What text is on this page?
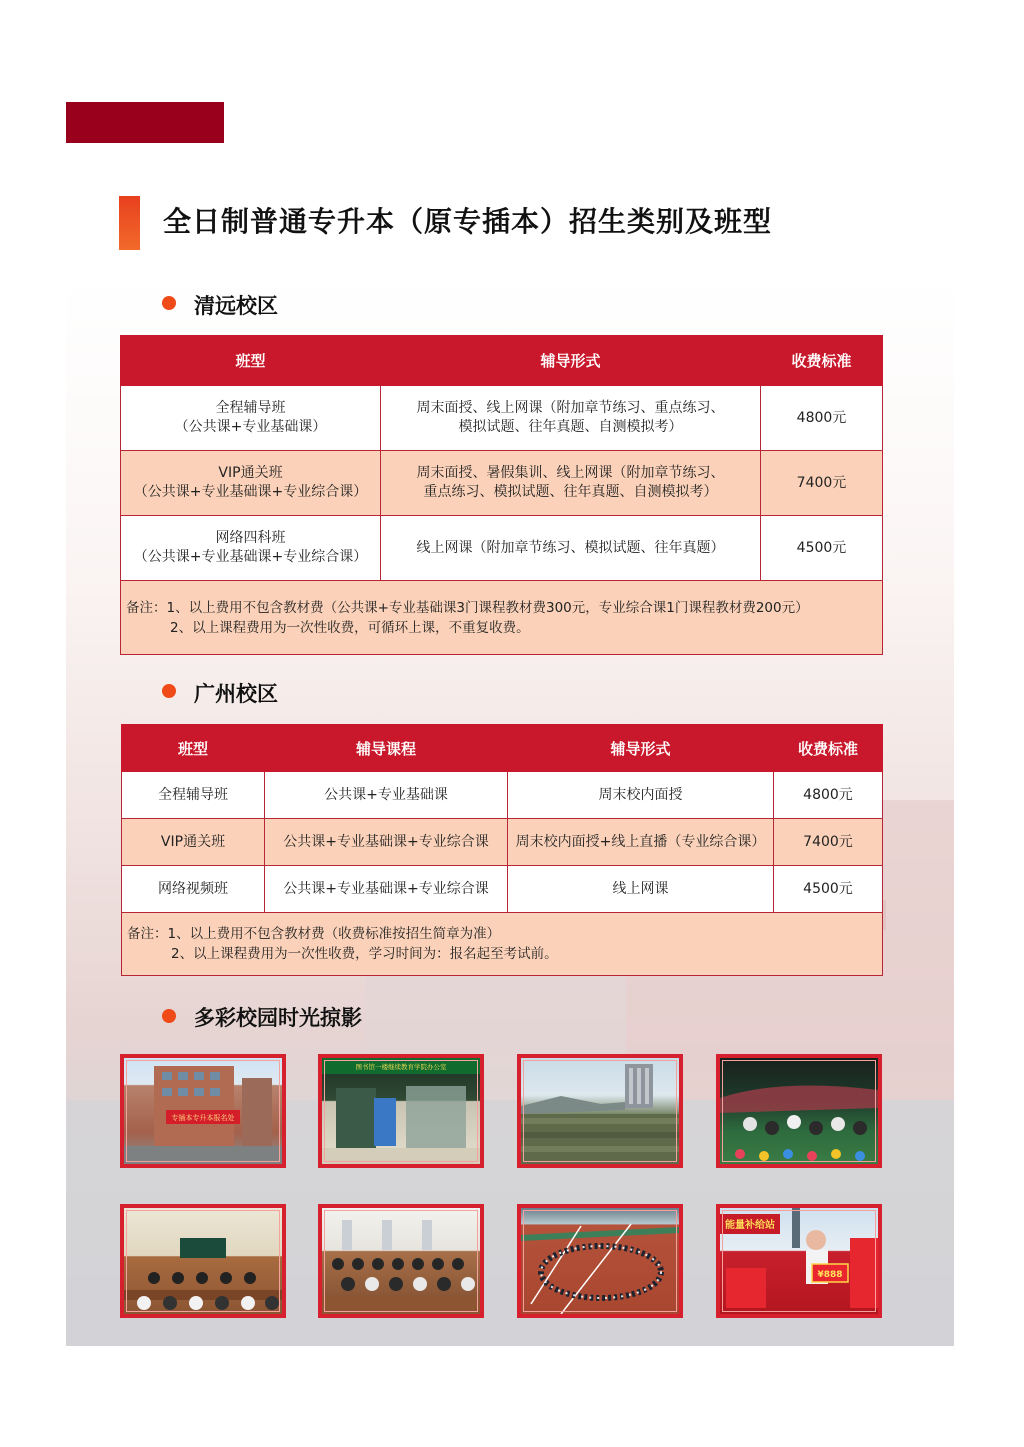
全日制普通专升本（原专插本）招生类别及班型
清远校区
班型	辅导形式	收费标准

全程辅导班
（公共课+专业基础课）	周末面授、线上网课（附加章节练习、重点练习、
模拟试题、往年真题、自测模拟考）	4800元

VIP通关班
（公共课+专业基础课+专业综合课）	周末面授、暑假集训、线上网课（附加章节练习、
重点练习、模拟试题、往年真题、自测模拟考）	7400元

网络四科班
（公共课+专业基础课+专业综合课）	线上网课（附加章节练习、模拟试题、往年真题）	4500元

备注：1、以上费用不包含教材费（公共课+专业基础课3门课程教材费300元，专业综合课1门课程教材费200元）
2、以上课程费用为一次性收费，可循环上课，不重复收费。		
广州校区
班型	辅导课程	辅导形式	收费标准
全程辅导班	公共课+专业基础课	周末校内面授	4800元
VIP通关班	公共课+专业基础课+专业综合课	周末校内面授+线上直播（专业综合课）	7400元
网络视频班	公共课+专业基础课+专业综合课	线上网课	4500元

备注：1、以上费用不包含教材费（收费标准按招生简章为准）
2、以上课程费用为一次性收费，学习时间为：报名起至考试前。			
多彩校园时光掠影
专插本专升本报名处
图书馆一楼继续教育学院办公室
能量补给站
¥888
